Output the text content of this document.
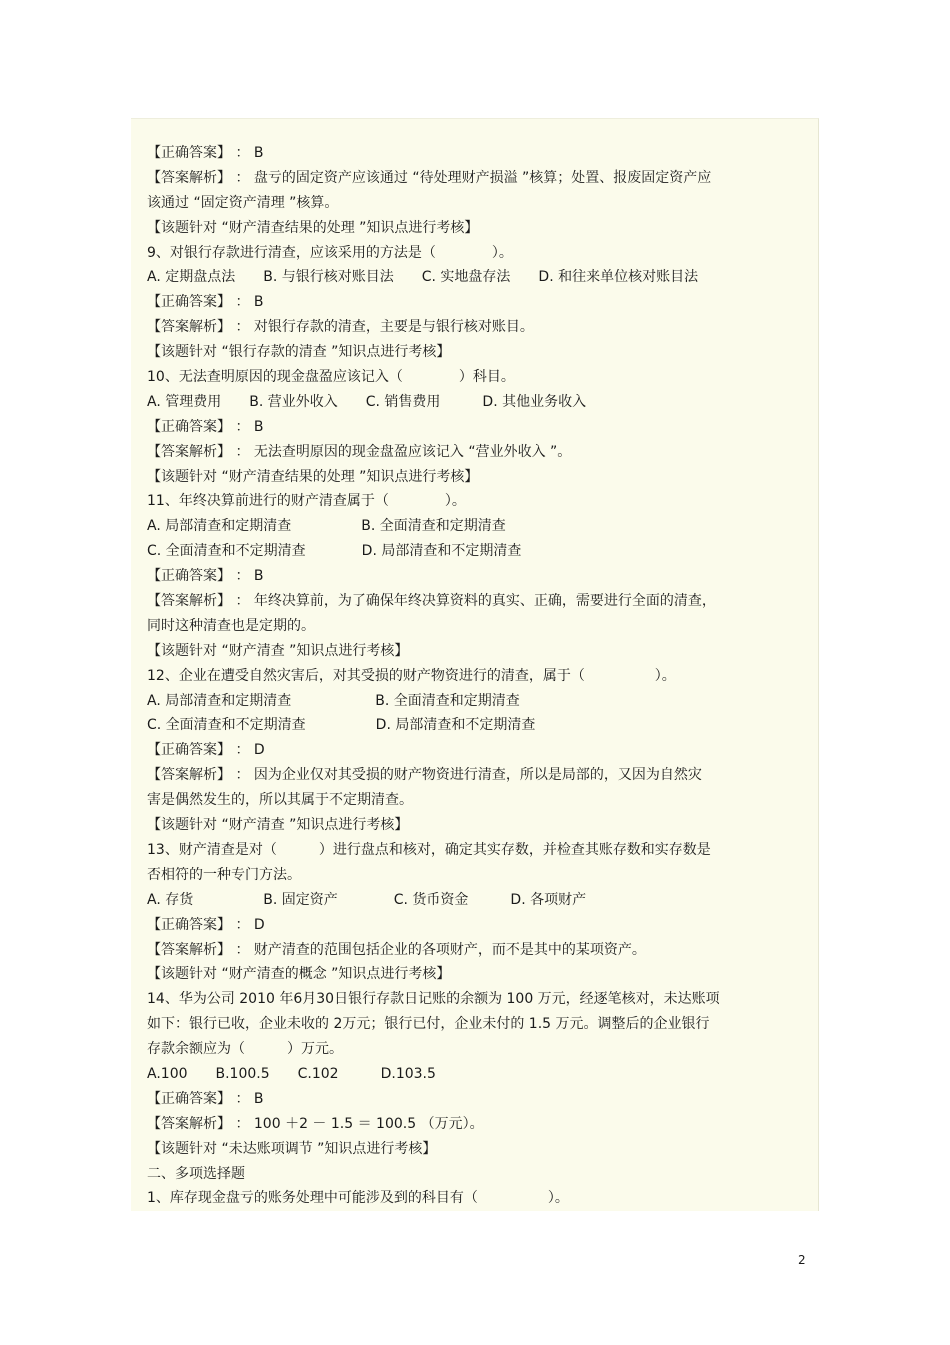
【正确答案】 ： B
【答案解析】 ： 盘亏的固定资产应该通过 “待处理财产损溢 ”核算；处置、报废固定资产应
该通过 “固定资产清理 ”核算。
【该题针对 “财产清查结果的处理 ”知识点进行考核】
9、对银行存款进行清查，应该采用的方法是（　　　　）。
A. 定期盘点法　　B. 与银行核对账目法　　C. 实地盘存法　　D. 和往来单位核对账目法
【正确答案】 ： B
【答案解析】 ： 对银行存款的清查，主要是与银行核对账目。
【该题针对 “银行存款的清查 ”知识点进行考核】
10、无法查明原因的现金盘盈应该记入（　　　　）科目。
A. 管理费用　　B. 营业外收入　　C. 销售费用　　　D. 其他业务收入
【正确答案】 ： B
【答案解析】 ： 无法查明原因的现金盘盈应该记入 “营业外收入 ”。
【该题针对 “财产清查结果的处理 ”知识点进行考核】
11、年终决算前进行的财产清查属于（　　　　）。
A. 局部清查和定期清查　　　　　B. 全面清查和定期清查
C. 全面清查和不定期清查　　　　D. 局部清查和不定期清查
【正确答案】 ： B
【答案解析】 ： 年终决算前，为了确保年终决算资料的真实、正确，需要进行全面的清查，
同时这种清查也是定期的。
【该题针对 “财产清查 ”知识点进行考核】
12、企业在遭受自然灾害后，对其受损的财产物资进行的清查，属于（　　　　　）。
A. 局部清查和定期清查　　　　　　B. 全面清查和定期清查
C. 全面清查和不定期清查　　　　　D. 局部清查和不定期清查
【正确答案】 ： D
【答案解析】 ： 因为企业仅对其受损的财产物资进行清查，所以是局部的，又因为自然灾
害是偶然发生的，所以其属于不定期清查。
【该题针对 “财产清查 ”知识点进行考核】
13、财产清查是对（　　　）进行盘点和核对，确定其实存数，并检查其账存数和实存数是
否相符的一种专门方法。
A. 存货　　　　　B. 固定资产　　　　C. 货币资金　　　D. 各项财产
【正确答案】 ： D
【答案解析】 ： 财产清查的范围包括企业的各项财产，而不是其中的某项资产。
【该题针对 “财产清查的概念 ”知识点进行考核】
14、华为公司 2010 年6月30日银行存款日记账的余额为 100 万元，经逐笔核对，未达账项
如下：银行已收，企业未收的 2万元；银行已付，企业未付的 1.5 万元。调整后的企业银行
存款余额应为（　　　）万元。
A.100　　B.100.5　　C.102　　　D.103.5
【正确答案】 ： B
【答案解析】 ： 100 ＋2 － 1.5 ＝ 100.5 （万元）。
【该题针对 “未达账项调节 ”知识点进行考核】
二、多项选择题
1、库存现金盘亏的账务处理中可能涉及到的科目有（　　　　　）。
2
